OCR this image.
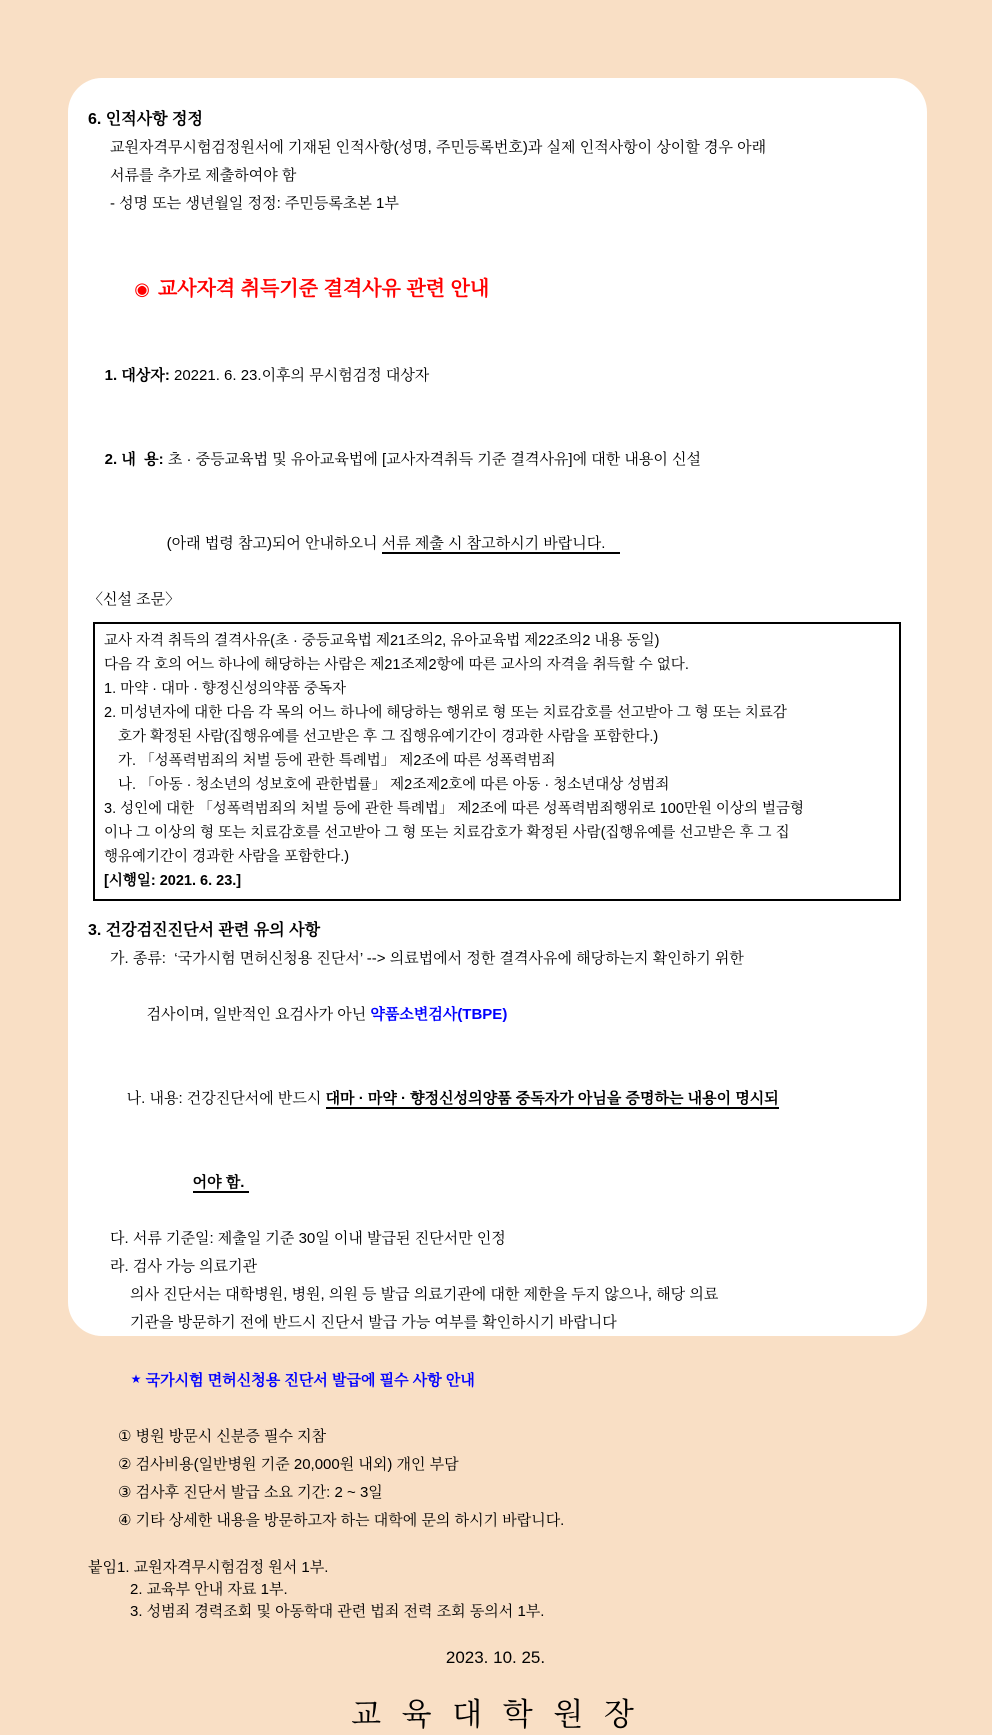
6. 인적사항 정정
교원자격무시험검정원서에 기재된 인적사항(성명, 주민등록번호)과 실제 인적사항이 상이할 경우 아래
서류를 추가로 제출하여야 함
- 성명 또는 생년월일 정정: 주민등록초본 1부

◉ 교사자격 취득기준 결격사유 관련 안내

1. 대상자: 20221. 6. 23.이후의 무시험검정 대상자

2. 내  용: 초 · 중등교육법 및 유아교육법에 [교사자격취득 기준 결격사유]에 대한 내용이 신설

(아래 법령 참고)되어 안내하오니 서류 제출 시 참고하시기 바랍니다.

〈신설 조문〉
교사 자격 취득의 결격사유(초 · 중등교육법 제21조의2, 유아교육법 제22조의2 내용 동일)
다음 각 호의 어느 하나에 해당하는 사람은 제21조제2항에 따른 교사의 자격을 취득할 수 없다.
1. 마약 · 대마 · 향정신성의약품 중독자
2. 미성년자에 대한 다음 각 목의 어느 하나에 해당하는 행위로 형 또는 치료감호를 선고받아 그 형 또는 치료감
호가 확정된 사람(집행유예를 선고받은 후 그 집행유예기간이 경과한 사람을 포함한다.)
가. 「성폭력범죄의 처벌 등에 관한 특례법」 제2조에 따른 성폭력범죄
나. 「아동 · 청소년의 성보호에 관한법률」 제2조제2호에 따른 아동 · 청소년대상 성범죄
3. 성인에 대한 「성폭력범죄의 처벌 등에 관한 특례법」 제2조에 따른 성폭력범죄행위로 100만원 이상의 벌금형
이나 그 이상의 형 또는 치료감호를 선고받아 그 형 또는 치료감호가 확정된 사람(집행유예를 선고받은 후 그 집
행유예기간이 경과한 사람을 포함한다.)
[시행일: 2021. 6. 23.]
3. 건강검진진단서 관련 유의 사항
가. 종류:  ‘국가시험 면허신청용 진단서’ --> 의료법에서 정한 결격사유에 해당하는지 확인하기 위한

검사이며, 일반적인 요검사가 아닌 약품소변검사(TBPE)

나. 내용: 건강진단서에 반드시 대마 · 마약 · 향정신성의양품 중독자가 아님을 증명하는 내용이 명시되

어야 함.

다. 서류 기준일: 제출일 기준 30일 이내 발급된 진단서만 인정
라. 검사 가능 의료기관
의사 진단서는 대학병원, 병원, 의원 등 발급 의료기관에 대한 제한을 두지 않으나, 해당 의료
기관을 방문하기 전에 반드시 진단서 발급 가능 여부를 확인하시기 바랍니다

★ 국가시험 면허신청용 진단서 발급에 필수 사항 안내

① 병원 방문시 신분증 필수 지참
② 검사비용(일반병원 기준 20,000원 내외) 개인 부담
③ 검사후 진단서 발급 소요 기간: 2 ~ 3일
④ 기타 상세한 내용을 방문하고자 하는 대학에 문의 하시기 바랍니다.
붙임1. 교원자격무시험검정 원서 1부.
2. 교육부 안내 자료 1부.
3. 성범죄 경력조회 및 아동학대 관련 법죄 전력 조회 동의서 1부.
2023. 10. 25.
교 육 대 학 원 장
